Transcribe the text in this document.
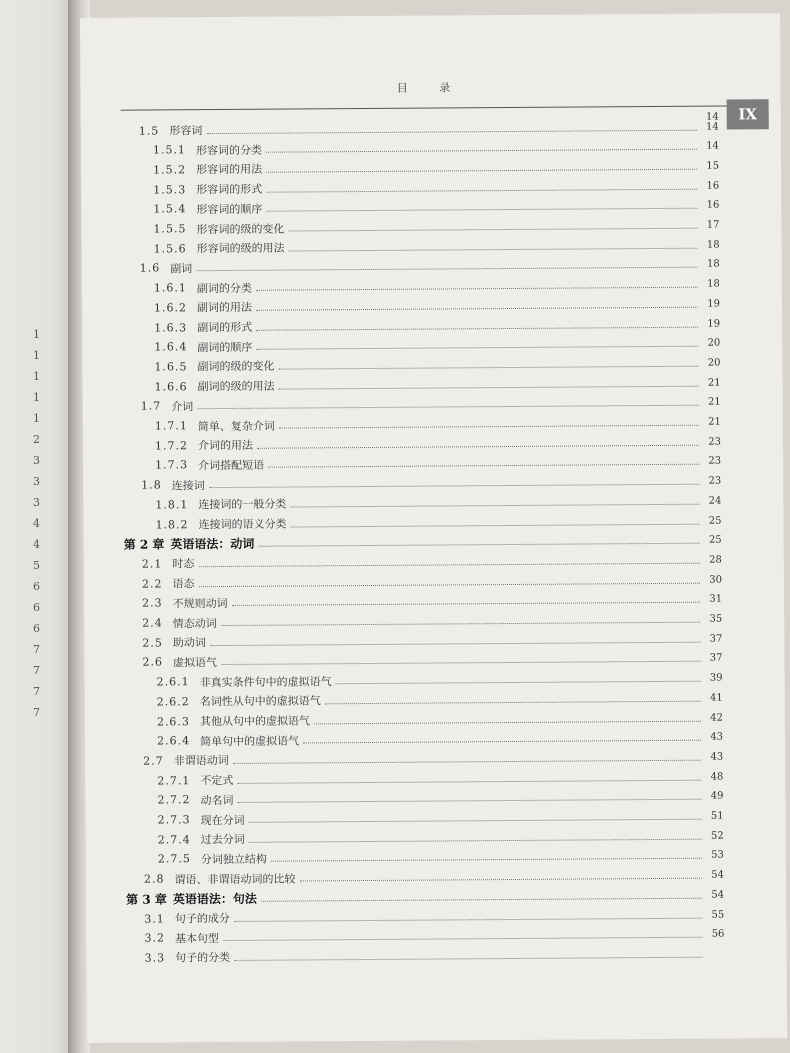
1
1
1
1
1
2
3
3
3
4
4
5
6
6
6
7
7
7
7
目 录
IX
14
1.5 形容词	14
1.5.1 形容词的分类	14
1.5.2 形容词的用法	15
1.5.3 形容词的形式	16
1.5.4 形容词的顺序	16
1.5.5 形容词的级的变化	17
1.5.6 形容词的级的用法	18
1.6 副词	18
1.6.1 副词的分类	18
1.6.2 副词的用法	19
1.6.3 副词的形式	19
1.6.4 副词的顺序	20
1.6.5 副词的级的变化	20
1.6.6 副词的级的用法	21
1.7 介词	21
1.7.1 简单、复杂介词	21
1.7.2 介词的用法	23
1.7.3 介词搭配短语	23
1.8 连接词	23
1.8.1 连接词的一般分类	24
1.8.2 连接词的语义分类	25
第 2 章 英语语法：动词	25
2.1 时态	28
2.2 语态	30
2.3 不规则动词	31
2.4 情态动词	35
2.5 助动词	37
2.6 虚拟语气	37
2.6.1 非真实条件句中的虚拟语气	39
2.6.2 名词性从句中的虚拟语气	41
2.6.3 其他从句中的虚拟语气	42
2.6.4 简单句中的虚拟语气	43
2.7 非谓语动词	43
2.7.1 不定式	48
2.7.2 动名词	49
2.7.3 现在分词	51
2.7.4 过去分词	52
2.7.5 分词独立结构	53
2.8 谓语、非谓语动词的比较	54
第 3 章 英语语法：句法	54
3.1 句子的成分	55
3.2 基本句型	56
3.3 句子的分类
